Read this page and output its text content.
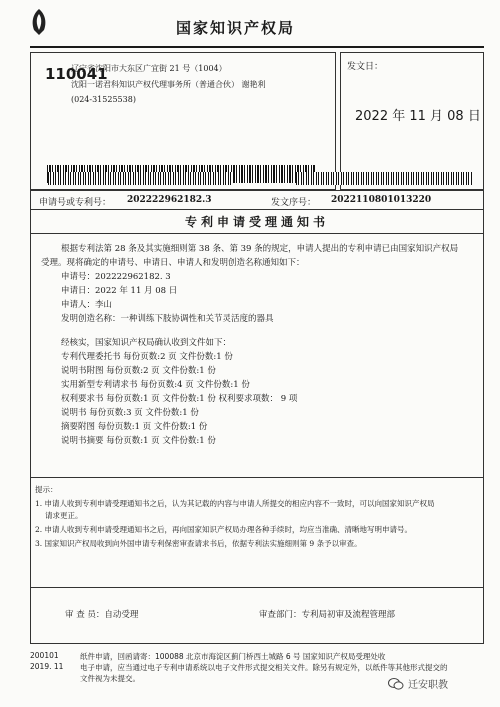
国家知识产权局
110041
辽宁省沈阳市大东区广宜街 21 号（1004）
沈阳一诺君科知识产权代理事务所（普通合伙） 谢艳利
(024-31525538)
发文日：
2022 年 11 月 08 日
申请号或专利号： 202222962182.3	发文序号： 2022110801013220
专利申请受理通知书
根据专利法第 28 条及其实施细则第 38 条、第 39 条的规定，申请人提出的专利申请已由国家知识产权局
受理。现将确定的申请号、申请日、申请人和发明创造名称通知如下：
申请号：202222962182. 3
申请日：2022 年 11 月 08 日
申请人：李山
发明创造名称：一种训练下肢协调性和关节灵活度的器具
经核实，国家知识产权局确认收到文件如下：
专利代理委托书 每份页数:2 页 文件份数:1 份
说明书附图 每份页数:2 页 文件份数:1 份
实用新型专利请求书 每份页数:4 页 文件份数:1 份
权利要求书 每份页数:1 页 文件份数:1 份 权利要求项数： 9 项
说明书 每份页数:3 页 文件份数:1 份
摘要附图 每份页数:1 页 文件份数:1 份
说明书摘要 每份页数:1 页 文件份数:1 份
提示：
1. 申请人收到专利申请受理通知书之后，认为其记载的内容与申请人所提交的相应内容不一致时，可以向国家知识产权局
请求更正。
2. 申请人收到专利申请受理通知书之后，再向国家知识产权局办理各种手续时，均应当准确、清晰地写明申请号。
3. 国家知识产权局收到向外国申请专利保密审查请求书后，依据专利法实施细则第 9 条予以审查。
审 查 员：自动受理	审查部门：专利局初审及流程管理部
200101
2019. 11
纸件申请，回函请寄：100088 北京市海淀区蓟门桥西土城路 6 号 国家知识产权局受理处收
电子申请，应当通过电子专利申请系统以电子文件形式提交相关文件。除另有规定外，以纸件等其他形式提交的
文件视为未提交。
迁安职教
